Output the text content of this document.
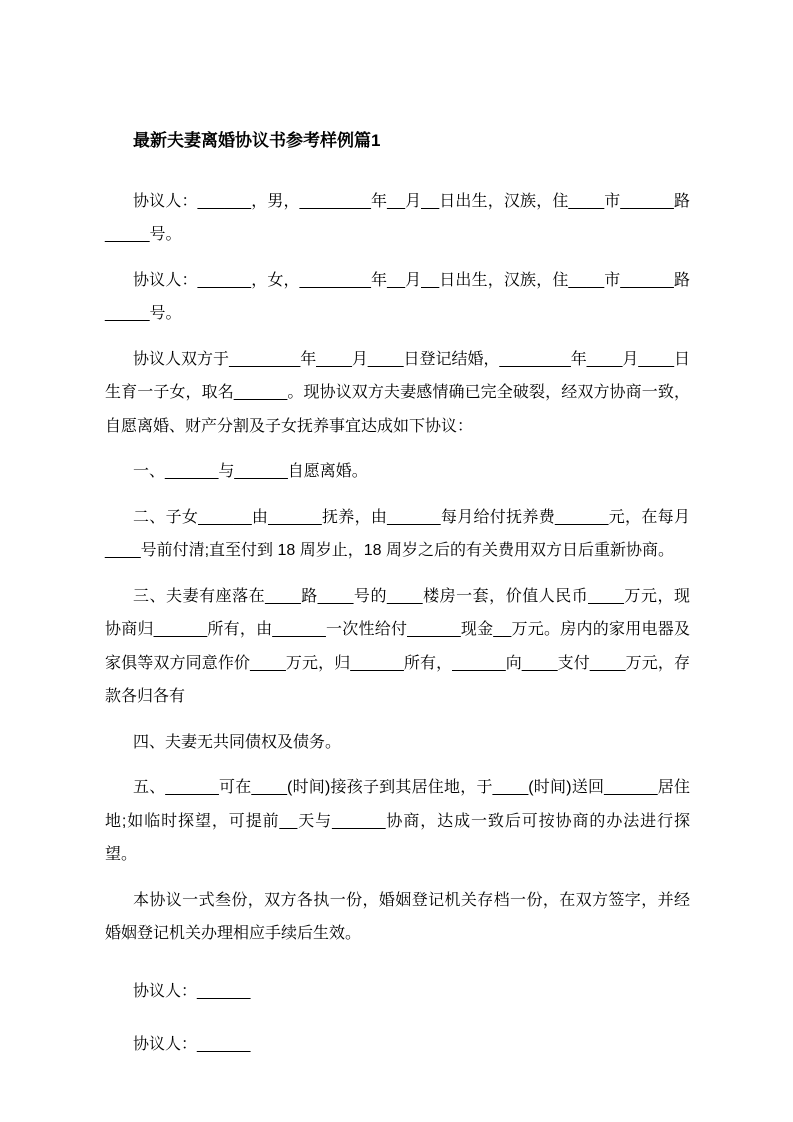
最新夫妻离婚协议书参考样例篇1

协议人：______，男，________年__月__日出生，汉族，住____市______路_____号。

协议人：______，女，________年__月__日出生，汉族，住____市______路_____号。

协议人双方于________年____月____日登记结婚，________年____月____日生育一子女，取名______。现协议双方夫妻感情确已完全破裂，经双方协商一致，自愿离婚、财产分割及子女抚养事宜达成如下协议：

一、______与______自愿离婚。

二、子女______由______抚养，由______每月给付抚养费______元，在每月____号前付清;直至付到 18 周岁止，18 周岁之后的有关费用双方日后重新协商。

三、夫妻有座落在____路____号的____楼房一套，价值人民币____万元，现协商归______所有，由______一次性给付______现金__万元。房内的家用电器及家俱等双方同意作价____万元，归______所有，______向____支付____万元，存款各归各有

四、夫妻无共同债权及债务。

五、______可在____(时间)接孩子到其居住地，于____(时间)送回______居住地;如临时探望，可提前__天与______协商，达成一致后可按协商的办法进行探望。

本协议一式叁份，双方各执一份，婚姻登记机关存档一份，在双方签字，并经婚姻登记机关办理相应手续后生效。

协议人：______

协议人：______
